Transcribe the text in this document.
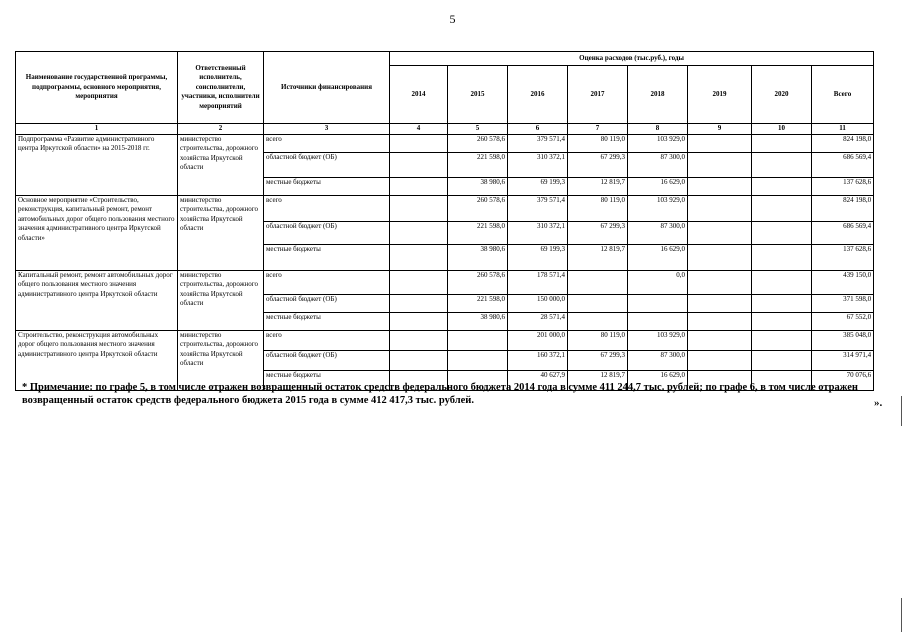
5
Наименование государственной программы, подпрограммы, основного мероприятия, мероприятия	Ответственный исполнитель, соисполнители, участники, исполнители мероприятий	Источники финансирования	Оценка расходов (тыс.руб.), годы							
			2014	2015	2016	2017	2018	2019	2020	Всего
1	2	3	4	5	6	7	8	9	10	11
Подпрограмма «Развитие административного центра Иркутской области» на 2015-2018 гг.	министерство строительства, дорожного хозяйства Иркутской области	всего		260 578,6	379 571,4	80 119,0	103 929,0			824 198,0
		областной бюджет (ОБ)		221 598,0	310 372,1	67 299,3	87 300,0			686 569,4
		местные бюджеты		38 980,6	69 199,3	12 819,7	16 629,0			137 628,6
Основное мероприятие «Строительство, реконструкция, капитальный ремонт, ремонт автомобильных дорог общего пользования местного значения административного центра Иркутской области»	министерство строительства, дорожного хозяйства Иркутской области	всего		260 578,6	379 571,4	80 119,0	103 929,0			824 198,0
		областной бюджет (ОБ)		221 598,0	310 372,1	67 299,3	87 300,0			686 569,4
		местные бюджеты		38 980,6	69 199,3	12 819,7	16 629,0			137 628,6
Капитальный ремонт, ремонт автомобильных дорог общего пользования местного значения административного центра Иркутской области	министерство строительства, дорожного хозяйства Иркутской области	всего		260 578,6	178 571,4		0,0			439 150,0
		областной бюджет (ОБ)		221 598,0	150 000,0					371 598,0
		местные бюджеты		38 980,6	28 571,4					67 552,0
Строительство, реконструкция автомобильных дорог общего пользования местного значения административного центра Иркутской области	министерство строительства, дорожного хозяйства Иркутской области	всего			201 000,0	80 119,0	103 929,0			385 048,0
		областной бюджет (ОБ)			160 372,1	67 299,3	87 300,0			314 971,4
		местные бюджеты			40 627,9	12 819,7	16 629,0			70 076,6
* Примечание: по графе 5, в том числе отражен возвращенный остаток средств федерального бюджета 2014 года в сумме 411 244,7 тыс. рублей; по графе 6, в том числе отражен возвращенный остаток средств федерального бюджета 2015 года в сумме 412 417,3 тыс. рублей.	».
